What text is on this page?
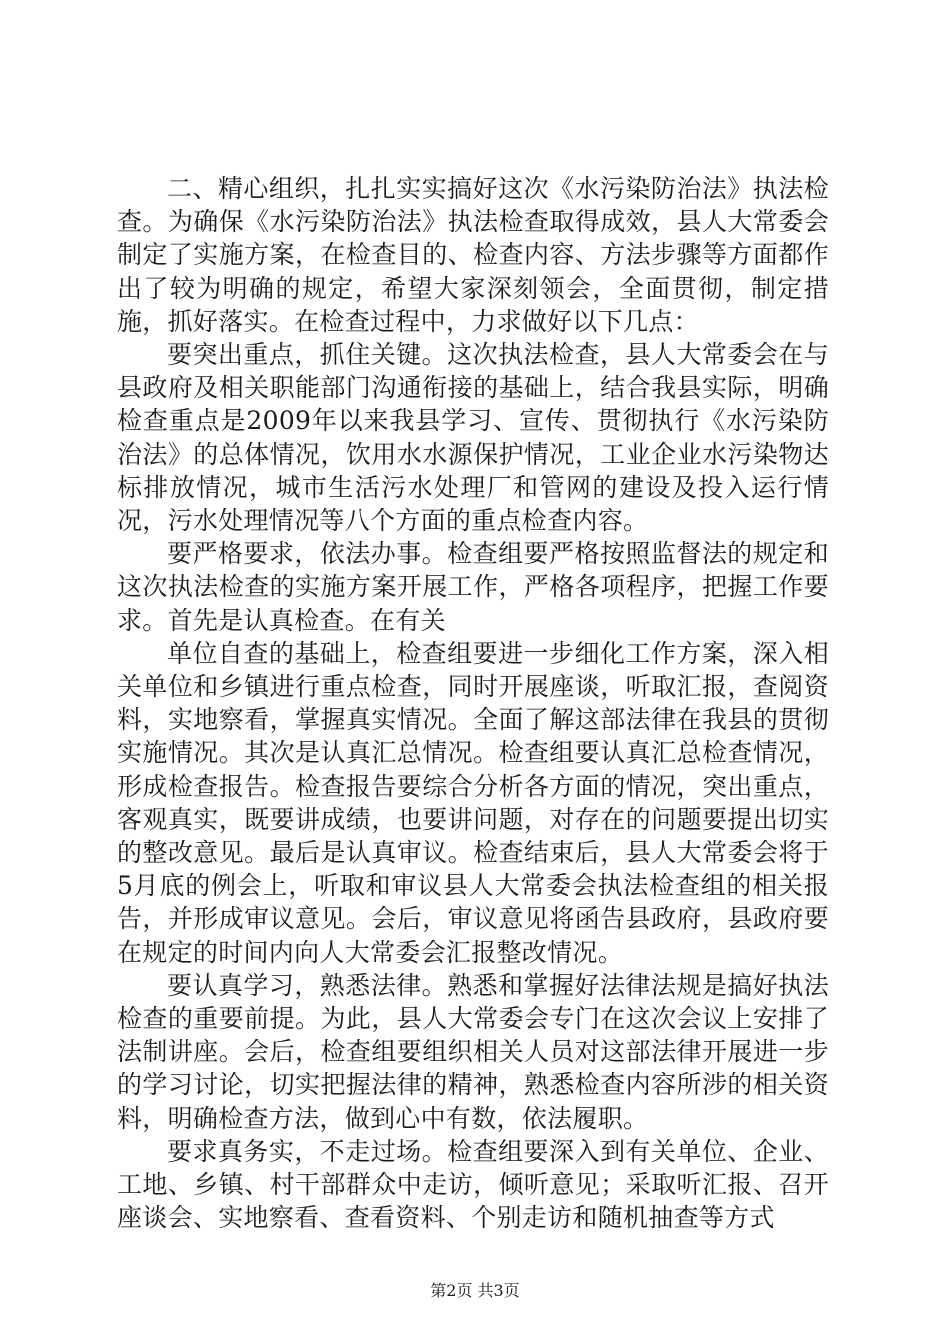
二、精心组织，扎扎实实搞好这次《水污染防治法》执法检查。为确保《水污染防治法》执法检查取得成效，县人大常委会制定了实施方案，在检查目的、检查内容、方法步骤等方面都作出了较为明确的规定，希望大家深刻领会，全面贯彻，制定措施，抓好落实。在检查过程中，力求做好以下几点：

要突出重点，抓住关键。这次执法检查，县人大常委会在与县政府及相关职能部门沟通衔接的基础上，结合我县实际，明确检查重点是2009年以来我县学习、宣传、贯彻执行《水污染防治法》的总体情况，饮用水水源保护情况，工业企业水污染物达标排放情况，城市生活污水处理厂和管网的建设及投入运行情况，污水处理情况等八个方面的重点检查内容。

要严格要求，依法办事。检查组要严格按照监督法的规定和这次执法检查的实施方案开展工作，严格各项程序，把握工作要求。首先是认真检查。在有关

单位自查的基础上，检查组要进一步细化工作方案，深入相关单位和乡镇进行重点检查，同时开展座谈，听取汇报，查阅资料，实地察看，掌握真实情况。全面了解这部法律在我县的贯彻实施情况。其次是认真汇总情况。检查组要认真汇总检查情况，形成检查报告。检查报告要综合分析各方面的情况，突出重点，客观真实，既要讲成绩，也要讲问题，对存在的问题要提出切实的整改意见。最后是认真审议。检查结束后，县人大常委会将于5月底的例会上，听取和审议县人大常委会执法检查组的相关报告，并形成审议意见。会后，审议意见将函告县政府，县政府要在规定的时间内向人大常委会汇报整改情况。

要认真学习，熟悉法律。熟悉和掌握好法律法规是搞好执法检查的重要前提。为此，县人大常委会专门在这次会议上安排了法制讲座。会后，检查组要组织相关人员对这部法律开展进一步的学习讨论，切实把握法律的精神，熟悉检查内容所涉的相关资料，明确检查方法，做到心中有数，依法履职。

要求真务实，不走过场。检查组要深入到有关单位、企业、工地、乡镇、村干部群众中走访，倾听意见；采取听汇报、召开座谈会、实地察看、查看资料、个别走访和随机抽查等方式

第2页 共3页
